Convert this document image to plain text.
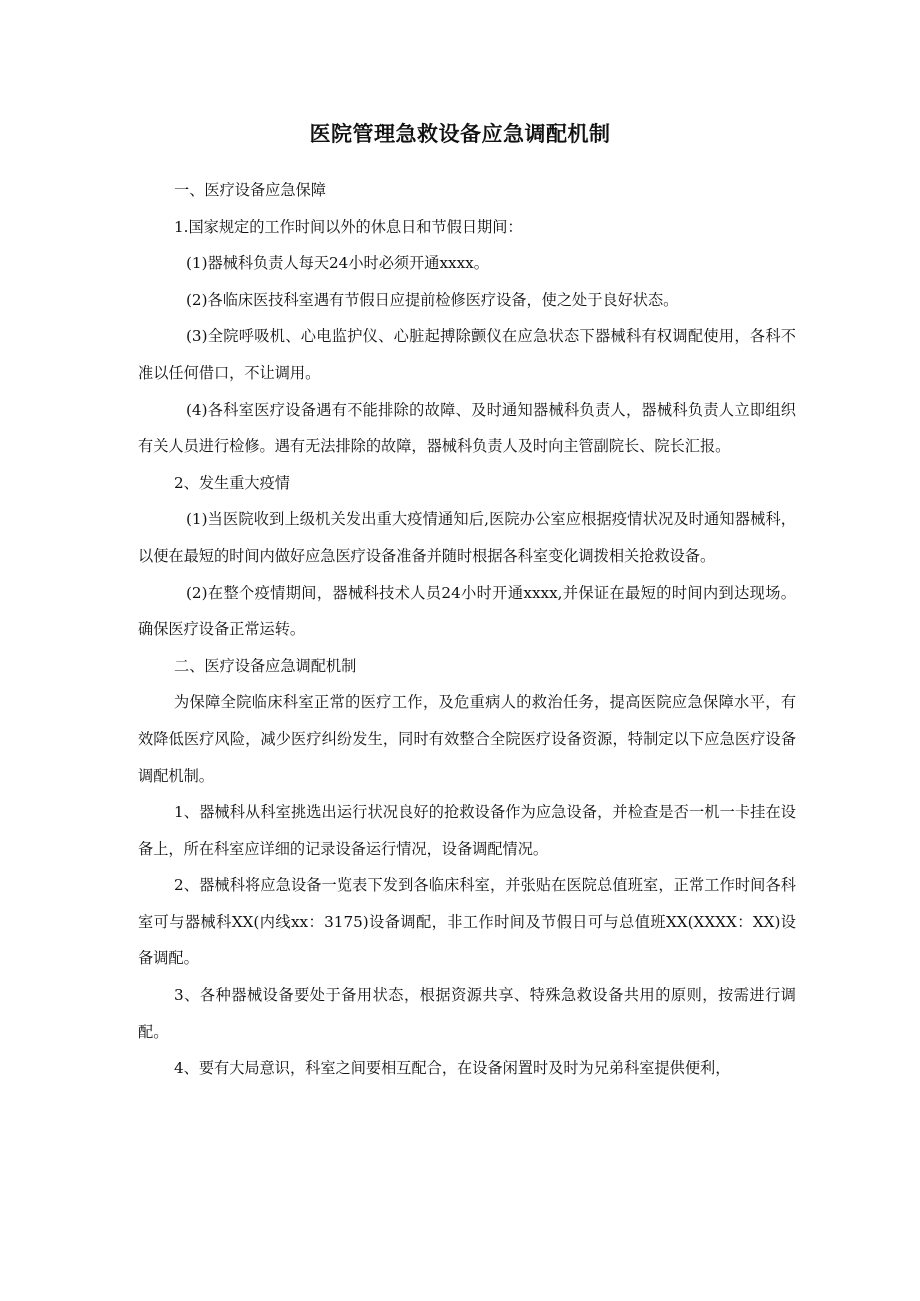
医院管理急救设备应急调配机制

一、医疗设备应急保障

1.国家规定的工作时间以外的休息日和节假日期间：

(1)器械科负责人每天24小时必须开通xxxx。

(2)各临床医技科室遇有节假日应提前检修医疗设备，使之处于良好状态。

(3)全院呼吸机、心电监护仪、心脏起搏除颤仪在应急状态下器械科有权调配使用，各科不准以任何借口，不让调用。

(4)各科室医疗设备遇有不能排除的故障、及时通知器械科负责人，器械科负责人立即组织有关人员进行检修。遇有无法排除的故障，器械科负责人及时向主管副院长、院长汇报。

2、发生重大疫情

(1)当医院收到上级机关发出重大疫情通知后,医院办公室应根据疫情状况及时通知器械科，以便在最短的时间内做好应急医疗设备准备并随时根据各科室变化调拨相关抢救设备。

(2)在整个疫情期间，器械科技术人员24小时开通xxxx,并保证在最短的时间内到达现场。确保医疗设备正常运转。

二、医疗设备应急调配机制

为保障全院临床科室正常的医疗工作，及危重病人的救治任务，提高医院应急保障水平，有效降低医疗风险，减少医疗纠纷发生，同时有效整合全院医疗设备资源，特制定以下应急医疗设备调配机制。

1、器械科从科室挑选出运行状况良好的抢救设备作为应急设备，并检查是否一机一卡挂在设备上，所在科室应详细的记录设备运行情况，设备调配情况。

2、器械科将应急设备一览表下发到各临床科室，并张贴在医院总值班室，正常工作时间各科室可与器械科XX(内线xx：3175)设备调配，非工作时间及节假日可与总值班XX(XXXX：XX)设备调配。

3、各种器械设备要处于备用状态，根据资源共享、特殊急救设备共用的原则，按需进行调配。

4、要有大局意识，科室之间要相互配合，在设备闲置时及时为兄弟科室提供便利，
